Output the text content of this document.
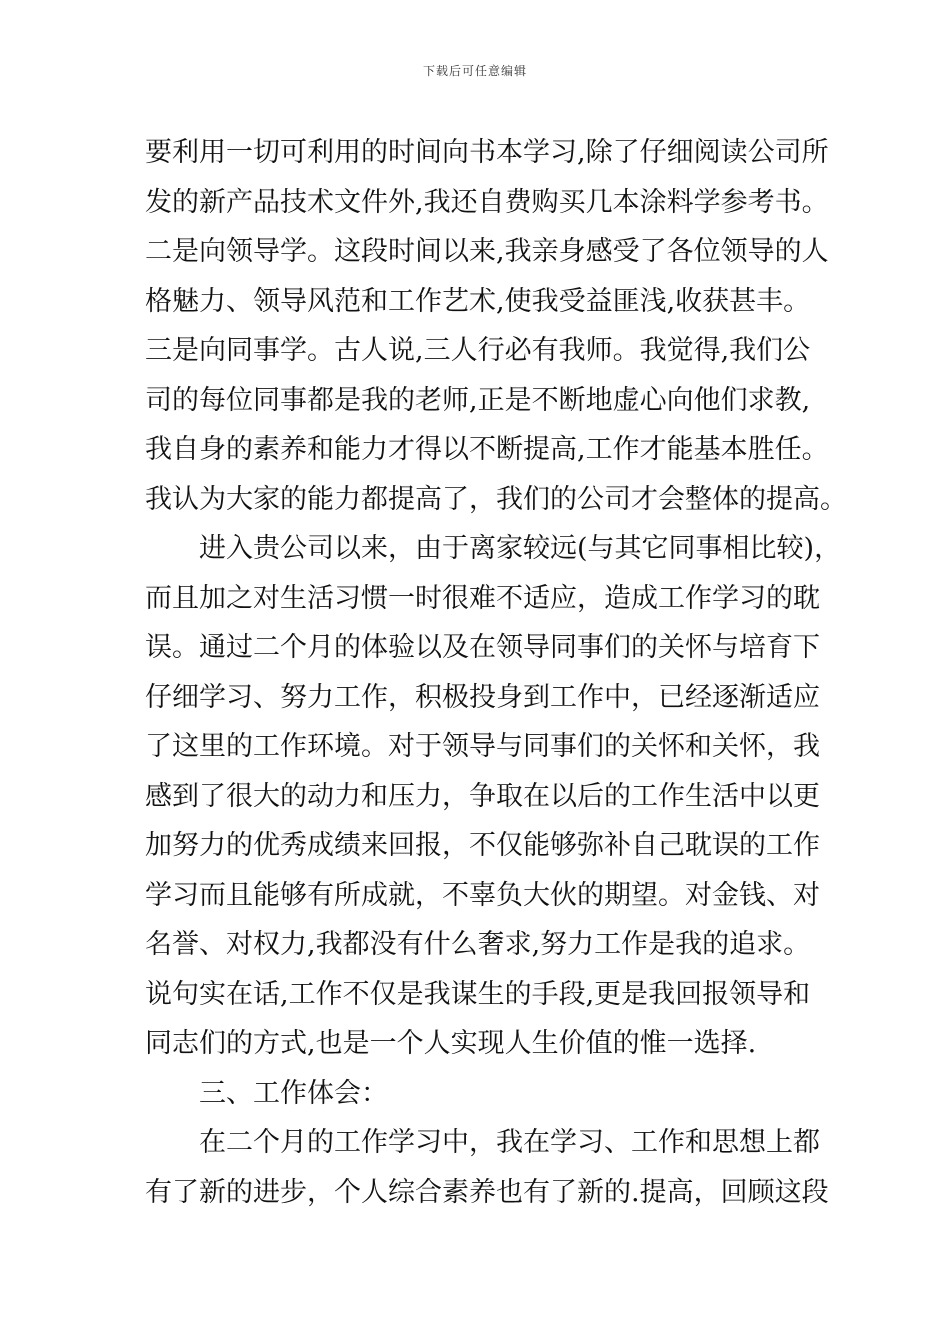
下载后可任意编辑
要利用一切可利用的时间向书本学习,除了仔细阅读公司所
发的新产品技术文件外,我还自费购买几本涂料学参考书。
二是向领导学。这段时间以来,我亲身感受了各位领导的人
格魅力、领导风范和工作艺术,使我受益匪浅,收获甚丰。
三是向同事学。古人说,三人行必有我师。我觉得,我们公
司的每位同事都是我的老师,正是不断地虚心向他们求教,
我自身的素养和能力才得以不断提高,工作才能基本胜任。
我认为大家的能力都提高了，我们的公司才会整体的提高。
进入贵公司以来，由于离家较远(与其它同事相比较)，
而且加之对生活习惯一时很难不适应，造成工作学习的耽
误。通过二个月的体验以及在领导同事们的关怀与培育下
仔细学习、努力工作，积极投身到工作中，已经逐渐适应
了这里的工作环境。对于领导与同事们的关怀和关怀，我
感到了很大的动力和压力，争取在以后的工作生活中以更
加努力的优秀成绩来回报，不仅能够弥补自己耽误的工作
学习而且能够有所成就，不辜负大伙的期望。对金钱、对
名誉、对权力,我都没有什么奢求,努力工作是我的追求。
说句实在话,工作不仅是我谋生的手段,更是我回报领导和
同志们的方式,也是一个人实现人生价值的惟一选择.
三、工作体会：
在二个月的工作学习中，我在学习、工作和思想上都
有了新的进步，个人综合素养也有了新的.提高，回顾这段
